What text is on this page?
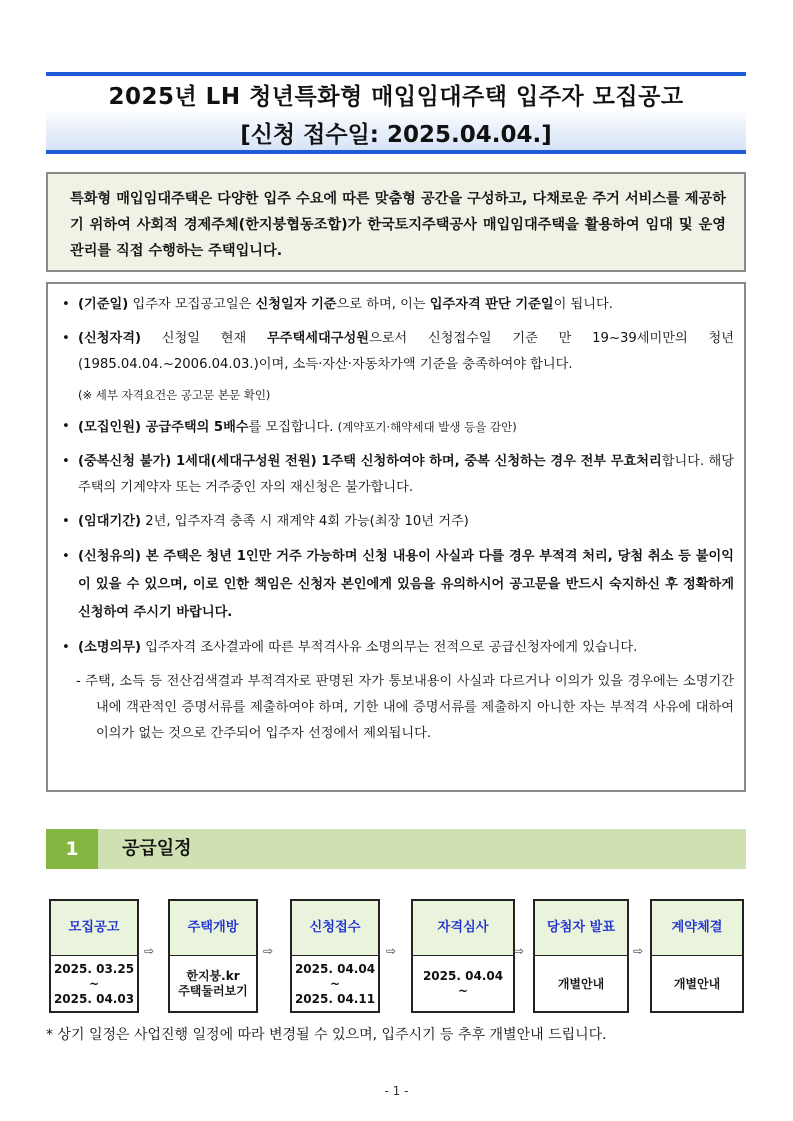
2025년 LH 청년특화형 매입임대주택 입주자 모집공고
[신청 접수일: 2025.04.04.]
특화형 매입임대주택은 다양한 입주 수요에 따른 맞춤형 공간을 구성하고, 다채로운 주거 서비스를 제공하기 위하여 사회적 경제주체(한지붕협동조합)가 한국토지주택공사 매입임대주택을 활용하여 임대 및 운영관리를 직접 수행하는 주택입니다.
• (기준일) 입주자 모집공고일은 신청일자 기준으로 하며, 이는 입주자격 판단 기준일이 됩니다.
• (신청자격) 신청일 현재 무주택세대구성원으로서 신청접수일 기준 만 19~39세미만의 청년(1985.04.04.~2006.04.03.)이며, 소득·자산·자동차가액 기준을 충족하여야 합니다.
(※ 세부 자격요건은 공고문 본문 확인)
• (모집인원) 공급주택의 5배수를 모집합니다. (계약포기·해약세대 발생 등을 감안)
• (중복신청 불가) 1세대(세대구성원 전원) 1주택 신청하여야 하며, 중복 신청하는 경우 전부 무효처리합니다. 해당 주택의 기계약자 또는 거주중인 자의 재신청은 불가합니다.
• (임대기간) 2년, 입주자격 충족 시 재계약 4회 가능(최장 10년 거주)
• (신청유의) 본 주택은 청년 1인만 거주 가능하며 신청 내용이 사실과 다를 경우 부적격 처리, 당첨 취소 등 불이익이 있을 수 있으며, 이로 인한 책임은 신청자 본인에게 있음을 유의하시어 공고문을 반드시 숙지하신 후 정확하게 신청하여 주시기 바랍니다.
• (소명의무) 입주자격 조사결과에 따른 부적격사유 소명의무는 전적으로 공급신청자에게 있습니다.
- 주택, 소득 등 전산검색결과 부적격자로 판명된 자가 통보내용이 사실과 다르거나 이의가 있을 경우에는 소명기간 내에 객관적인 증명서류를 제출하여야 하며, 기한 내에 증명서류를 제출하지 아니한 자는 부적격 사유에 대하여 이의가 없는 것으로 간주되어 입주자 선정에서 제외됩니다.
1	공급일정
모집공고
2025. 03.25
~
2025. 04.03
⇨
주택개방
한지붕.kr
주택둘러보기
⇨
신청접수
2025. 04.04
~
2025. 04.11
⇨
자격심사
2025. 04.04
~
⇨
당첨자 발표
개별안내
⇨
계약체결
개별안내
* 상기 일정은 사업진행 일정에 따라 변경될 수 있으며, 입주시기 등 추후 개별안내 드립니다.
- 1 -
